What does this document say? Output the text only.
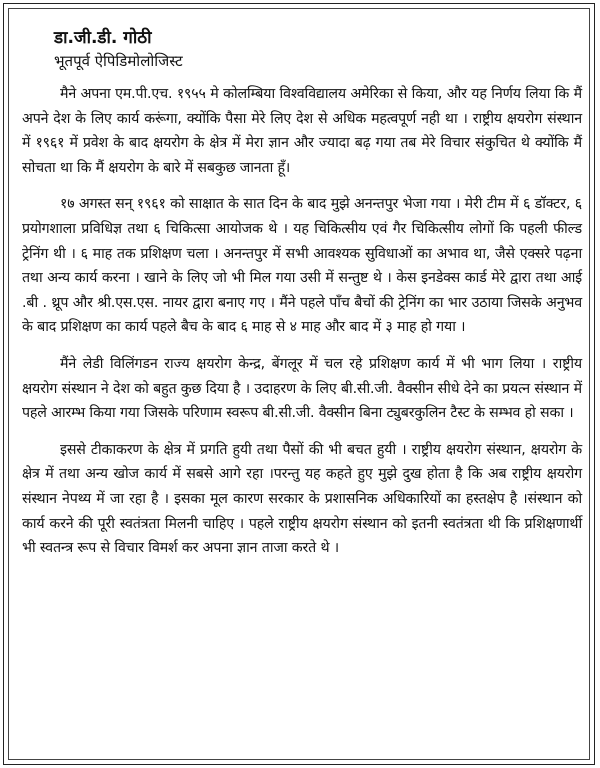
डा.जी.डी. गोठी
भूतपूर्व ऐपिडिमोलोजिस्ट

मैने अपना एम.पी.एच. १९५५ मे कोलम्बिया विश्वविद्यालय अमेरिका से किया, और यह निर्णय लिया कि मैं अपने देश के लिए कार्य करूंगा, क्योंकि पैसा मेरे लिए देश से अधिक महत्वपूर्ण नही था । राष्ट्रीय क्षयरोग संस्थान में १९६१ में प्रवेश के बाद क्षयरोग के क्षेत्र में मेरा ज्ञान और ज्यादा बढ़ गया तब मेरे विचार संकुचित थे क्योंकि मैं सोचता था कि मैं क्षयरोग के बारे में सबकुछ जानता हूँ।

१७ अगस्त सन् १९६१ को साक्षात के सात दिन के बाद मुझे अनन्तपुर भेजा गया । मेरी टीम में ६ डॉक्टर, ६ प्रयोगशाला प्रविधिज्ञ तथा ६ चिकित्सा आयोजक थे । यह चिकित्सीय एवं गैर चिकित्सीय लोगों कि पहली फील्ड ट्रेनिंग थी । ६ माह तक प्रशिक्षण चला । अनन्तपुर में सभी आवश्यक सुविधाओं का अभाव था, जैसे एक्सरे पढ़ना तथा अन्य कार्य करना । खाने के लिए जो भी मिल गया उसी में सन्तुष्ट थे । केस इनडेक्स कार्ड मेरे द्वारा तथा आई .बी . थ्रूप और श्री.एस.एस. नायर द्वारा बनाए गए । मैंने पहले पाँच बैचों की ट्रेनिंग का भार उठाया जिसके अनुभव के बाद प्रशिक्षण का कार्य पहले बैच के बाद ६ माह से ४ माह और बाद में ३ माह हो गया ।

मैंने लेडी विलिंगडन राज्य क्षयरोग केन्द्र, बेंगलूर में चल रहे प्रशिक्षण कार्य में भी भाग लिया । राष्ट्रीय क्षयरोग संस्थान ने देश को बहुत कुछ दिया है । उदाहरण के लिए बी.सी.जी. वैक्सीन सीधे देने का प्रयत्न संस्थान में पहले आरम्भ किया गया जिसके परिणाम स्वरूप बी.सी.जी. वैक्सीन बिना ट्युबरकुलिन टैस्ट के सम्भव हो सका ।

इससे टीकाकरण के क्षेत्र में प्रगति हुयी तथा पैसों की भी बचत हुयी । राष्ट्रीय क्षयरोग संस्थान, क्षयरोग के क्षेत्र में तथा अन्य खोज कार्य में सबसे आगे रहा ।परन्तु यह कहते हुए मुझे दुख होता है कि अब राष्ट्रीय क्षयरोग संस्थान नेपथ्य में जा रहा है । इसका मूल कारण सरकार के प्रशासनिक अधिकारियों का हस्तक्षेप है ।संस्थान को कार्य करने की पूरी स्वतंत्रता मिलनी चाहिए । पहले राष्ट्रीय क्षयरोग संस्थान को इतनी स्वतंत्रता थी कि प्रशिक्षणार्थी भी स्वतन्त्र रूप से विचार विमर्श कर अपना ज्ञान ताजा करते थे ।
